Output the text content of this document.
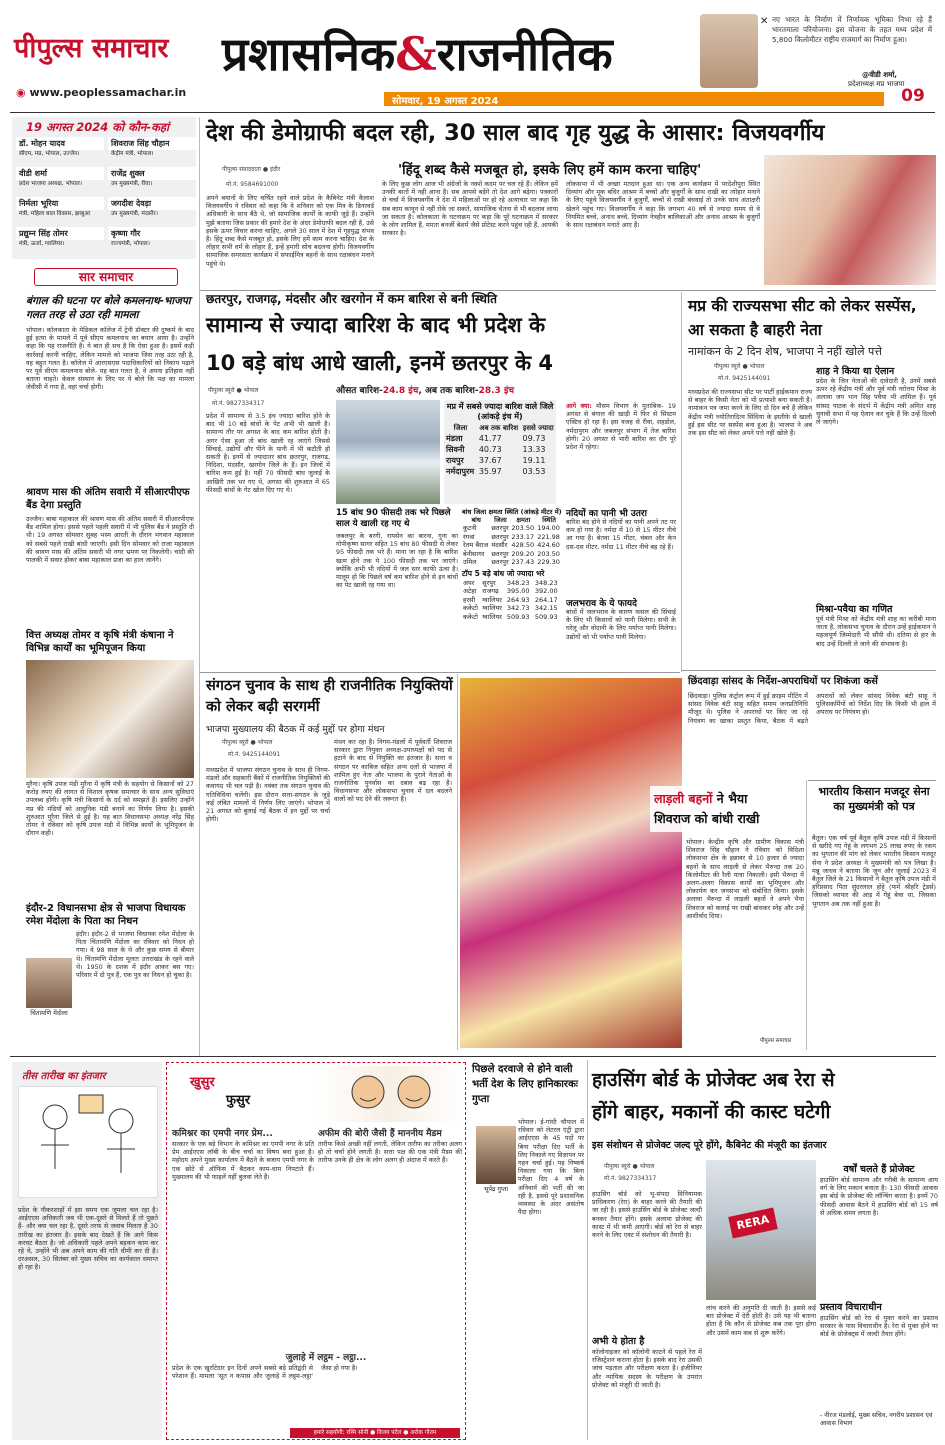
पीपुल्स समाचार
◉ www.peoplessamachar.in
प्रशासनिक&राजनीतिक
सोमवार, 19 अगस्त 2024	09
✕ नए भारत के निर्माण में निर्णायक भूमिका निभा रहे हैं भारतमाला परियोजना। इस योजना के तहत मध्य प्रदेश में 5,800 किलोमीटर राष्ट्रीय राजमार्ग का निर्माण हुआ।
@वीडी शर्मा,
प्रदेशाध्यक्ष मप्र भाजपा
19 अगस्त 2024 को कौन-कहां
डॉ. मोहन यादव
सीएम, मप्र, भोपाल, उज्जैन।
शिवराज सिंह चौहान
केंद्रीय मंत्री, भोपाल।
वीडी शर्मा
प्रदेश भाजपा अध्यक्ष, भोपाल।
राजेंद्र शुक्ल
उप मुख्यमंत्री, रीवा।
निर्मला भूरिया
मंत्री, महिला बाल विकास, झाबुआ
जगदीश देवड़ा
उप मुख्यमंत्री, मंदसौर।
प्रद्युम्न सिंह तोमर
मंत्री, ऊर्जा, ग्वालियर।
कृष्णा गौर
राज्यमंत्री, भोपाल।
सार समाचार
बंगाल की घटना पर बोले कमलनाथ-भाजपा गलत तरह से उठा रही मामला
भोपाल। कोलकाता के मेडिकल कॉलेज में ट्रेनी डॉक्टर की दुष्कर्म के बाद हुई हत्या के मामले में पूर्व सीएम कमलनाथ का बयान आया है। उन्होंने कहा कि यह राजनीति है। ये बात ही सच है कि ऐसा हुआ है। इसमें कड़ी कार्रवाई करनी चाहिए, लेकिन मामले को भाजपा जिस तरह उठा रही है, वह बहुत गलत है। कॉलेज में आरएसएस पदाधिकारियों को निकाय पढ़ाने पर पूर्व सीएम कमलनाथ बोले- यह बात गलत है, वे अपना इतिहास नहीं बताना चाहते। केवल संस्थान के लिए पर ये बोले कि पक्ष का मामला जेवीसी में गया है, वहां चर्चा होगी।
श्रावण मास की अंतिम सवारी में सीआरपीएफ बैंड देगा प्रस्तुति
उज्जैन। बाबा महाकाल की श्रावण मास की अंतिम सवारी में सीआरपीएफ बैंड शामिल होगा। इससे पहले पहली सवारी में भी पुलिस बैंड ने प्रस्तुति दी थी। 19 अगस्त सोमवार सुबह भस्म आरती के दौरान भगवान महाकाल को सबसे पहले राखी बांधी जाएगी। इसी दिन सोमवार को राजा महाकाल की श्रावण मास की अंतिम सवारी भी नगर भ्रमण पर निकलेगी। चांदी की पालकी में सवार होकर बाबा महाकाल प्रजा का हाल जानेंगे।
वित्त अध्यक्ष तोमर व कृषि मंत्री कंषाना ने विभिन्न कार्यों का भूमिपूजन किया
मुरैना। कृषि उपज मंडी मुरैना में कृषि मंत्री के सहयोग से किसानों को 27 करोड़ रुपए की लागत से विशाल कृषक समाचार के साथ अन्य सुविधाएं उपलब्ध होंगी। कृषि मंत्री किसानों के दर्द को समझते हैं। इसलिए उन्होंने मप्र की मंडियों को आधुनिक मंडी बनाने का निर्णय लिया है। इसकी शुरुआत मुरैना जिले से हुई है। यह बात विधानसभा अध्यक्ष नरेंद्र सिंह तोमर ने रविवार को कृषि उपज मंडी में विभिन्न कार्यों के भूमिपूजन के दौरान कही।
इंदौर-2 विधानसभा क्षेत्र से भाजपा विधायक रमेश मेंदोला के पिता का निधन
चिंतामणि मेंदोला
इंदौर। इंदौर-2 से भाजपा विधायक रमेश मेंदोला के पिता चिंतामणि मेंदोला का रविवार को निधन हो गया। वे 98 साल के थे और कुछ समय से बीमार थे। चिंतामणि मेंदोला मूलतः उत्तराखंड के रहने वाले थे। 1950 के दशक में इंदौर आकर बस गए। परिवार में दो पुत्र हैं, एक पुत्र का निधन हो चुका है।
देश की डेमोग्राफी बदल रही, 30 साल बाद गृह युद्ध के आसार: विजयवर्गीय
पीपुल्स संवाददाता ● इंदौर
मो.नं. 9584691000
'हिंदू शब्द कैसे मजबूत हो, इसके लिए हमें काम करना चाहिए'
अपने बयानों के लिए चर्चित रहने वाले प्रदेश के कैबिनेट मंत्री कैलाश विजयवर्गीय ने रविवार को कहा कि वे शनिवार को एक मित्र के डिनरवर्ड अधिकारी के साथ बैठे थे, जो सामाजिक कार्यों के काफी जुड़े हैं। उन्होंने मुझे बताया जिस प्रकार की हमारे देश के अंदर डेमोग्राफी बदल रही है, उसे इसके ऊपर विचार करना चाहिए, अगले 30 साल में देश में गृहयुद्ध संभव है। हिंदू शब्द कैसे मजबूत हो, इसके लिए हमें काम करना चाहिए। देश के लोहार सभी धर्म के लोहार हैं, इन्हें हमारी सोच बदलना होगी। विजयवर्गीय सामाजिक समरसता कार्यक्रम में सफाईमित्र बहनों के साथ रक्षाबंधन मनाने पहुंचे थे।
के लिए कुछ लोग आज भी अंग्रेजों के नक्शे कदम पर चल रहे हैं। लेकिन हमें उनकी बातों में नहीं आना है। सब आपसे बड़ेंगे तो देश आगे बढ़ेगा। पत्रकारों से चर्चा में विजयवर्गीय ने देश में महिलाओं पर हो रहे अत्याचार पर कहा कि सब काम कानून से नहीं रोके जा सकते, सामाजिक चेतना से भी बदलाव लाया जा सकता है। कोलकाता के घटनाक्रम पर कहा कि पूरे घटनाक्रम में सरकार के लोग शामिल हैं, ममता बनर्जी बेशर्म जैसे प्रोटेस्ट करने पहुंच रही हैं, आपकी सरकार है।
लोकसभा में भी अच्छा मतदान हुआ था। एक अन्य कार्यक्रम में परदेशीपुरा स्थित दिव्यांग और मूक बधिर आश्रम में बच्चों और बुजुर्गों के साथ राखी का त्योहार मनाने के लिए पहुंचे विजयवर्गीय ने बुजुर्गों, बच्चों से राखी बंधवाई तो उनके साथ अंताक्षरी खेलने पहुंच गए। विजयवर्गीय ने कहा कि लगभग 40 वर्ष से ज्यादा समय से वे नियमित बच्चे, अनाथ बच्चे, दिव्यांग नेत्रहीन बालिकाओं और अनाथ आश्रम के बुजुर्गों के साथ रक्षाबंधन मनाते आए हैं।
छतरपुर, राजगढ़, मंदसौर और खरगोन में कम बारिश से बनी स्थिति
सामान्य से ज्यादा बारिश के बाद भी प्रदेश के
10 बड़े बांध आधे खाली, इनमें छतरपुर के 4
पीपुल्स ब्यूरो ● भोपाल
मो.नं. 9827334317
औसत बारिश-24.8 इंच, अब तक बारिश-28.3 इंच
प्रदेश में सामान्य से 3.5 इंच ज्यादा बारिश होने के बाद भी 10 बड़े बांधों के पेट अभी भी खाली है। सामान्य तौर पर अगस्त के बाद कम बारिश होती है। अगर ऐसा हुआ तो बांध खाली रह जाएंगे जिससे सिंचाई, उद्योगों और पीने के पानी में भी कटौती हो सकती है। इनमें से ज्यादातर बांध छतरपुर, राजगढ़, निदिशा, मंदसौर, खरगोन जिले के हैं। इन जिलों में बारिश कम हुई है। यहीं 70 फीसदी बांध जुलाई के आखिरी तक भर गए थे, अगस्त की शुरुआत में 65 फीसदी बांधों के गेट खोल दिए गए थे।
मप्र में सबसे ज्यादा बारिश वाले जिले (आंकड़े इंच में)
जिला	अब तक बारिश	इससे ज्यादा
मंडला	41.77	09.73
सिवनी	40.73	13.33
रायपुर	37.67	19.11
नर्मदापुरम	35.97	03.53
15 बांध 90 फीसदी तक भरे पिछले साल ये खाली रह गए थे
जबलपुर के बरगी, रायसेन का बारना, गुना का गोपीकृष्ण सागर सहित 15 बांध 80 फीसदी से लेकर 95 फीसदी तक भरे हैं। माना जा रहा है कि बारिश खत्म होने तक ये 100 फीसदी तक भर जाएंगे। क्योंकि अभी भी नदियों में जल स्तर काफी ऊंचा है। मालूम हो कि पिछले वर्ष कम बारिश होने से इन बांधों का पेट खाली रह गया था।
बांध जिला क्षमता स्थिति (आंकड़े मीटर में)
बांध	जिला	क्षमता	स्थिति
कुटनी	छतरपुर	203.50	194.00
रंगवां	छतरपुर	233.17	221.98
रेतम बैराज	मंदसौर	428.50	424.60
बेनीसागर	छतरपुर	209.20	203.50
उमिल	छतरपुर	237.43	229.30
टॉप 5 बड़े बांध जो ज्यादा भरे
अपर	सुरपुर	348.23	348.23
अटेहा	राजगढ़	395.00	392.00
हरसी	ग्वालियर	264.93	264.17
ककेटो	ग्वालियर	342.73	342.15
ककेटो	ग्वालियर	509.93	509.93
आगे क्या: मौसम विभाग के मुताबिक- 19 अगस्त से बंगाल की खाड़ी में फिर से सिस्टम एक्टिव हो रहा है। इस वजह से रीवा, शहडोल, नर्मदापुरम और जबलपुर संभाग में तेज बारिश होगी। 20 अगस्त से भारी बारिश का दौर पूरे प्रदेश में रहेगा।
नदियों का पानी भी उतरा
बारिश बंद होने से नदियों का पानी अपने तट पर कम हो गया है। नर्मदा में 10 से 15 मीटर नीचे आ गया है। बेतवा 15 मीटर, चंबल और केन दस-दस मीटर, नर्मदा 11 मीटर नीचे बह रहे हैं।
जलभराव के ये फायदे
बांधों में जलभराव के कारण फसल की सिंचाई के लिए भी किसानों को पानी मिलेगा। सभी के घरेलू और वोदानी के लिए पर्याप्त पानी मिलेगा। उद्योगों को भी पर्याप्त पानी मिलेगा।
मप्र की राज्यसभा सीट को लेकर सस्पेंस, आ सकता है बाहरी नेता
नामांकन के 2 दिन शेष, भाजपा ने नहीं खोले पत्ते
पीपुल्स ब्यूरो ● भोपाल
मो.नं. 9425144091
मध्यप्रदेश की राज्यसभा सीट पर पार्टी हाईकमान राज्य से बाहर के किसी नेता को भी प्रत्याशी बना सकती है। नामांकन पत्र जमा करने के लिए दो दिन बचे हैं लेकिन केंद्रीय मंत्री ज्योतिरादित्य सिंधिया के इस्तीफे से खाली हुई इस सीट पर सस्पेंस बना हुआ है। भाजपा ने अब तक इस सीट को लेकर अपने पत्ते नहीं खोले हैं।
शाह ने किया था ऐलान
प्रदेश के जिन नेताओं की दावेदारी है, उनमें सबसे ऊपर रहे केंद्रीय मंत्री और पूर्व मंत्री नरोत्तम मिश्रा के अलावा जय भान सिंह पवैया भी शामिल हैं। पूर्व सांसद पाठक के संदर्भ में केंद्रीय मंत्री अमित शाह चुनावी सभा में यह ऐलान कर चुके हैं कि उन्हें दिल्ली ले जाएंगे।
मिश्रा-पवैया का गणित
पूर्व मंत्री मिश्रा को केंद्रीय मंत्री शाह का करीबी माना जाता है, लोकसभा चुनाव के दौरान उन्हें हाईकमान ने महत्वपूर्ण जिम्मेदारी भी सौंपी थी। दतिया से हार के बाद उन्हें दिल्ली ले जाने की संभावना है।
छिंदवाड़ा सांसद के निर्देश-अपराधियों पर शिकंजा कसें
छिंदवाड़ा। पुलिस कंट्रोल रूम में हुई क्राइम मीटिंग में सांसद विवेक बंटी साहू सहित समाम जनप्रतिनिधि मौजूद थे। पुलिस ने अपराधों पर किए जा रहे नियंत्रण का खाका प्रस्तुत किया, बैठक में बढ़ते अपराधों को लेकर सांसद विवेक बंटी साहू ने पुलिसकर्मियों को निर्देश दिए कि किसी भी हाल में अपराध पर नियंत्रण हो।
भारतीय किसान मजदूर सेना का मुख्यमंत्री को पत्र
बैतूल। एक वर्ष पूर्व बैतूल कृषि उपज मंडी में किसानों से खरीदे गए गेहूं के लगभग 25 लाख रुपए के रकम का भुगतान की मांग को लेकर भारतीय किसान मजदूर सेना ने प्रदेश अध्यक्ष ने मुख्यमंत्री को पत्र लिखा है। मन्नू जाधव ने बताया कि जून और जुलाई 2023 में बैतूल जिले के 21 किसानों ने बैतूल कृषि उपज मंडी में हरिप्रसाद पिता सुंदरलाल होट्टे (फर्म श्रीहरि ट्रेडर्स) जिसको व्यापार की आड़ में गेहूं बेचा था, जिसका भुगतान अब तक नहीं हुआ है।
संगठन चुनाव के साथ ही राजनीतिक नियुक्तियों को लेकर बढ़ी सरगर्मी
भाजपा मुख्यालय की बैठक में कई मुद्दों पर होगा मंथन
पीपुल्स ब्यूरो ● भोपाल
मो.नं. 9425144091
मध्यप्रदेश में भाजपा संगठन चुनाव के साथ ही निगम-मंडलों और सहकारी बैंकों में राजनीतिक नियुक्तियों की कवायद भी चल पड़ी है। नवंबर तक संगठन चुनाव की गतिविधियां चलेंगी। इस दौरान सत्ता-संगठन के जुड़े कई लंबित मामलों में निर्णय लिए जाएंगे। भोपाल में 21 अगस्त को बुलाई गई बैठक में इन मुद्दों पर चर्चा होगी।
मंथन कर रहा है। निगम-मंडलों में पूर्ववर्ती शिवराज सरकार द्वारा नियुक्त अध्यक्ष-उपाध्यक्षों को पद से हटाने के बाद से नियुक्ति का इंतजार है। सत्ता व संगठन पर काबिज सहित अन्य दलों से भाजपा में शामिल हुए नेता और भाजपा के पुराने नेताओं के राजनीतिक पुनर्वास का दबाव बढ़ रहा है। विधानसभा और लोकसभा चुनाव में दल बदलने वालों को पद देने की जरूरत है।	लाड़ली बहनों ने भैया
शिवराज को बांधी राखी
भोपाल। केन्द्रीय कृषि और ग्रामीण विकास मंत्री शिवराज सिंह चौहान ने रविवार को विदिशा लोकसभा क्षेत्र के इछावर से 10 हजार से ज्यादा बहनों के साथ लाड़ली से लेकर भैरुन्दा तक 20 किलोमीटर की रैली यात्रा निकाली। इसी भैरुन्दा में अलग-अलग विकास कार्यों का भूमिपूजन और लोकार्पण कर जनसभा को संबोधित किया। इसके अलावा भैरुन्दा में लाड़ली बहनों ने अपने भैया शिवराज को कलाई पर राखी बांधकर स्नेह और उन्हें आशीर्वाद दिया।
पीपुल्स समाचार
तीस तारीख का इंतजार
प्रदेश के नौकरशाहों में इस समय एक जुमला चल रहा है। आईएएस अधिकारी जब भी एक-दूसरे से मिलते हैं तो पूछते हैं- और क्या चल रहा है, दूसरे तरफ से जवाब मिलता है 30 तारीख का इंतजार है। इसके बाद देखते हैं कि आगे किस करवट बैठता है। जो अधिकारी पहले अपने बड़कन काम कर रहे थे, उन्होंने भी अब अपने काम की गति धीमी कर दी है। दरअसल, 30 सितंबर को मुख्य सचिव का कार्यकाल समाप्त हो रहा है।
खुसुर
फुसुर
कमिश्नर का एमपी नगर प्रेम...
सरकार के एक बड़े विभाग के कमिश्नर का एमपी नगर के प्रति प्रेम आईएएस लॉबी के बीच चर्चा का विषय बना हुआ है। महोदय अपने मुख्य कार्यालय में बैठने के बजाय एमपी नगर के एक छोटे से ऑफिस में बैठकर काम-धाम निपटाते हैं। मुख्यालय की भी फाइलें यहीं बुलवा लेते हैं।
अफीम की बोरी जैसी हैं माननीय मैडम
तारीफ किसे अच्छी नहीं लगती, लेकिन तारीफ का तरीका अलग हो तो चर्चा होने लगती है। सत्ता पक्ष की एक मंत्री मैडम की तारीफ उनके ही क्षेत्र के लोग अलग ही अंदाज में करते हैं।
जुलाहे में लट्ठम - लट्ठा...
प्रदेश के एक खुर्राटेदार इन दिनों अपने सबसे बड़े प्रतिद्वंदी से परेशान हैं। मामला 'सूत न कपास और जुलाहे में लट्ठम-लट्ठा' जैसा हो गया है।
हमारे सहयोगी: रश्मि सोनी ● विजय पटेल ● अरोक गौतम
पिछले दरवाजे से होने वाली भर्ती देश के लिए हानिकारकः गुप्ता
भूपेंद्र गुप्ता
भोपाल। ई-गांधी चौपाल में रविवार को लेटरल एंट्री द्वारा आईएएस के 45 पदों पर बिना परीक्षा दिए भर्ती के लिए निकाले गए विज्ञापन पर गहन चर्चा हुई। यह निष्कर्ष निकाला गया कि बिना परीक्षा दिए 4 वर्ष के अनिवार्य की भर्ती की जा रही है, इससे पूरे प्रशासनिक व्यवस्था के अंदर असंतोष पैदा होगा।
हाउसिंग बोर्ड के प्रोजेक्ट अब रेरा से
होंगे बाहर, मकानों की कास्ट घटेगी
इस संशोधन से प्रोजेक्ट जल्द पूरे होंगे, कैबिनेट की मंजूरी का इंतजार
पीपुल्स ब्यूरो ● भोपाल
मो.नं. 9827334317
हाउसिंग बोर्ड को भू-संपदा विनियामक प्राधिकरण (रेरा) के बाहर करने की तैयारी की जा रही है। इससे हाउसिंग बोर्ड के प्रोजेक्ट जल्दी बनकर तैयार होंगे। इसके अलावा प्रोजेक्ट की कास्ट में भी कमी आएगी। बोर्ड को रेरा से बाहर करने के लिए एक्ट में संशोधन की तैयारी है।
अभी ये होता है
कॉलोनाइजर को कॉलोनी काटने से पहले रेरा में रजिस्ट्रेशन कराना होता है। इसके बाद रेरा उसकी जांच पड़ताल और परीक्षण करता है। इंजीनियर और न्यायिक सदस्य के परीक्षण के उपरांत प्रोजेक्ट को मंजूरी दी जाती है।
RERA
लांच करने की अनुमति दी जाती है। इससे कई बार प्रोजेक्ट में देरी होती है। उसे यह भी बताना होता है कि कौन से प्रोजेक्ट कब तक पूरा होगा और उसमें काम कब से शुरू करेंगे।
वर्षों चलते हैं प्रोजेक्ट
हाउसिंग बोर्ड सामान्य और गरीबी के सामान्य आय वर्ग के लिए मकान बनाता है। 130 फीसदी आवास इस बोर्ड के प्रोजेक्ट की लॉन्चिंग करता है। इनमें 70 फीसदी आवास बैठने में हाउसिंग बोर्ड को 15 वर्ष से अधिक समय लगता है।
प्रस्ताव विचाराधीन
हाउसिंग बोर्ड को रेरा से मुक्त करने का प्रस्ताव सरकार के पास विचाराधीन है। रेरा से मुक्त होने पर बोर्ड के प्रोजेक्ट्स में जल्दी तैयार होंगे।
- नीरज मंडलोई, मुख्य सचिव, नगरीय प्रशासन एवं आवास विभाग
